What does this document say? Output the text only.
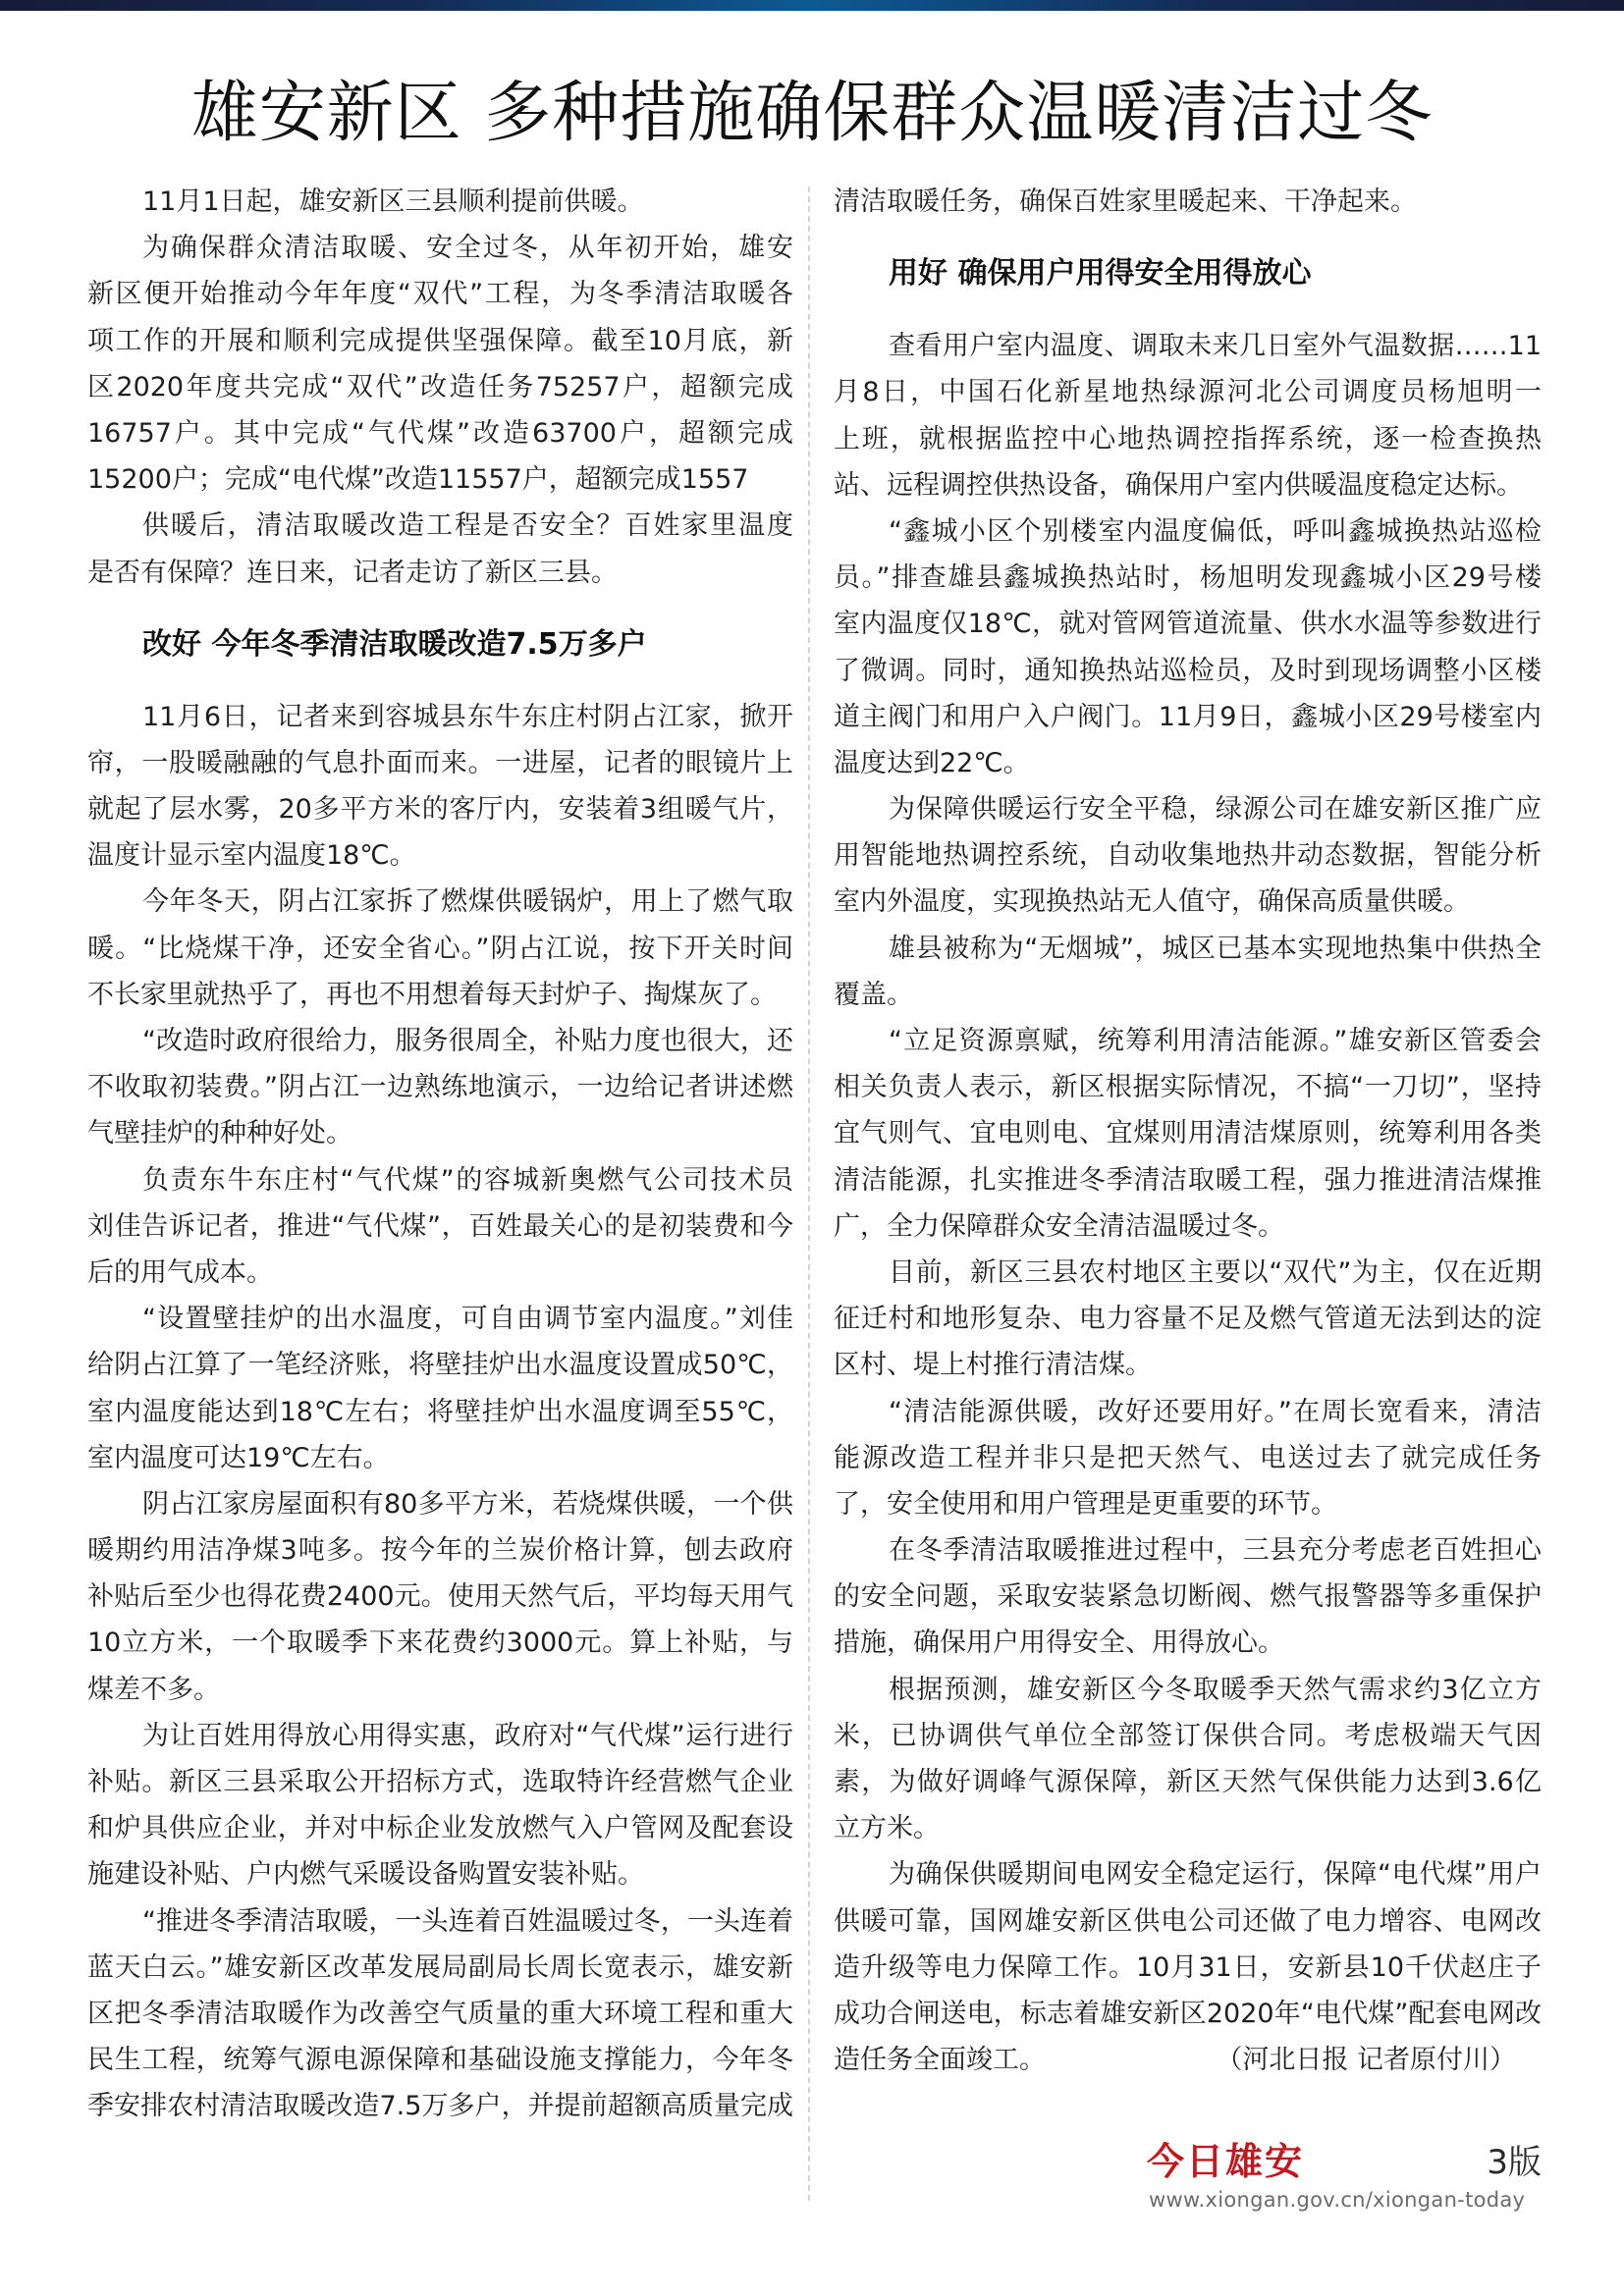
雄安新区 多种措施确保群众温暖清洁过冬
11月1日起，雄安新区三县顺利提前供暖。
为确保群众清洁取暖、安全过冬，从年初开始，雄安
新区便开始推动今年年度“双代”工程，为冬季清洁取暖各
项工作的开展和顺利完成提供坚强保障。截至10月底，新
区2020年度共完成“双代”改造任务75257户，超额完成
16757户。其中完成“气代煤”改造63700户，超额完成
15200户；完成“电代煤”改造11557户，超额完成1557
供暖后，清洁取暖改造工程是否安全？百姓家里温度
是否有保障？连日来，记者走访了新区三县。
改好 今年冬季清洁取暖改造7.5万多户
11月6日，记者来到容城县东牛东庄村阴占江家，掀开
帘，一股暖融融的气息扑面而来。一进屋，记者的眼镜片上
就起了层水雾，20多平方米的客厅内，安装着3组暖气片，
温度计显示室内温度18℃。
今年冬天，阴占江家拆了燃煤供暖锅炉，用上了燃气取
暖。“比烧煤干净，还安全省心。”阴占江说，按下开关时间
不长家里就热乎了，再也不用想着每天封炉子、掏煤灰了。
“改造时政府很给力，服务很周全，补贴力度也很大，还
不收取初装费。”阴占江一边熟练地演示，一边给记者讲述燃
气壁挂炉的种种好处。
负责东牛东庄村“气代煤”的容城新奥燃气公司技术员
刘佳告诉记者，推进“气代煤”，百姓最关心的是初装费和今
后的用气成本。
“设置壁挂炉的出水温度，可自由调节室内温度。”刘佳
给阴占江算了一笔经济账，将壁挂炉出水温度设置成50℃，
室内温度能达到18℃左右；将壁挂炉出水温度调至55℃，
室内温度可达19℃左右。
阴占江家房屋面积有80多平方米，若烧煤供暖，一个供
暖期约用洁净煤3吨多。按今年的兰炭价格计算，刨去政府
补贴后至少也得花费2400元。使用天然气后，平均每天用气
10立方米，一个取暖季下来花费约3000元。算上补贴，与
煤差不多。
为让百姓用得放心用得实惠，政府对“气代煤”运行进行
补贴。新区三县采取公开招标方式，选取特许经营燃气企业
和炉具供应企业，并对中标企业发放燃气入户管网及配套设
施建设补贴、户内燃气采暖设备购置安装补贴。
“推进冬季清洁取暖，一头连着百姓温暖过冬，一头连着
蓝天白云。”雄安新区改革发展局副局长周长宽表示，雄安新
区把冬季清洁取暖作为改善空气质量的重大环境工程和重大
民生工程，统筹气源电源保障和基础设施支撑能力，今年冬
季安排农村清洁取暖改造7.5万多户，并提前超额高质量完成
清洁取暖任务，确保百姓家里暖起来、干净起来。
用好 确保用户用得安全用得放心
查看用户室内温度、调取未来几日室外气温数据……11
月8日，中国石化新星地热绿源河北公司调度员杨旭明一
上班，就根据监控中心地热调控指挥系统，逐一检查换热
站、远程调控供热设备，确保用户室内供暖温度稳定达标。
“鑫城小区个别楼室内温度偏低，呼叫鑫城换热站巡检
员。”排查雄县鑫城换热站时，杨旭明发现鑫城小区29号楼
室内温度仅18℃，就对管网管道流量、供水水温等参数进行
了微调。同时，通知换热站巡检员，及时到现场调整小区楼
道主阀门和用户入户阀门。11月9日，鑫城小区29号楼室内
温度达到22℃。
为保障供暖运行安全平稳，绿源公司在雄安新区推广应
用智能地热调控系统，自动收集地热井动态数据，智能分析
室内外温度，实现换热站无人值守，确保高质量供暖。
雄县被称为“无烟城”，城区已基本实现地热集中供热全
覆盖。
“立足资源禀赋，统筹利用清洁能源。”雄安新区管委会
相关负责人表示，新区根据实际情况，不搞“一刀切”，坚持
宜气则气、宜电则电、宜煤则用清洁煤原则，统筹利用各类
清洁能源，扎实推进冬季清洁取暖工程，强力推进清洁煤推
广，全力保障群众安全清洁温暖过冬。
目前，新区三县农村地区主要以“双代”为主，仅在近期
征迁村和地形复杂、电力容量不足及燃气管道无法到达的淀
区村、堤上村推行清洁煤。
“清洁能源供暖，改好还要用好。”在周长宽看来，清洁
能源改造工程并非只是把天然气、电送过去了就完成任务
了，安全使用和用户管理是更重要的环节。
在冬季清洁取暖推进过程中，三县充分考虑老百姓担心
的安全问题，采取安装紧急切断阀、燃气报警器等多重保护
措施，确保用户用得安全、用得放心。
根据预测，雄安新区今冬取暖季天然气需求约3亿立方
米，已协调供气单位全部签订保供合同。考虑极端天气因
素，为做好调峰气源保障，新区天然气保供能力达到3.6亿
立方米。
为确保供暖期间电网安全稳定运行，保障“电代煤”用户
供暖可靠，国网雄安新区供电公司还做了电力增容、电网改
造升级等电力保障工作。10月31日，安新县10千伏赵庄子
成功合闸送电，标志着雄安新区2020年“电代煤”配套电网改
造任务全面竣工。	（河北日报 记者原付川）
今日雄安	3版
www.xiongan.gov.cn/xiongan-today
